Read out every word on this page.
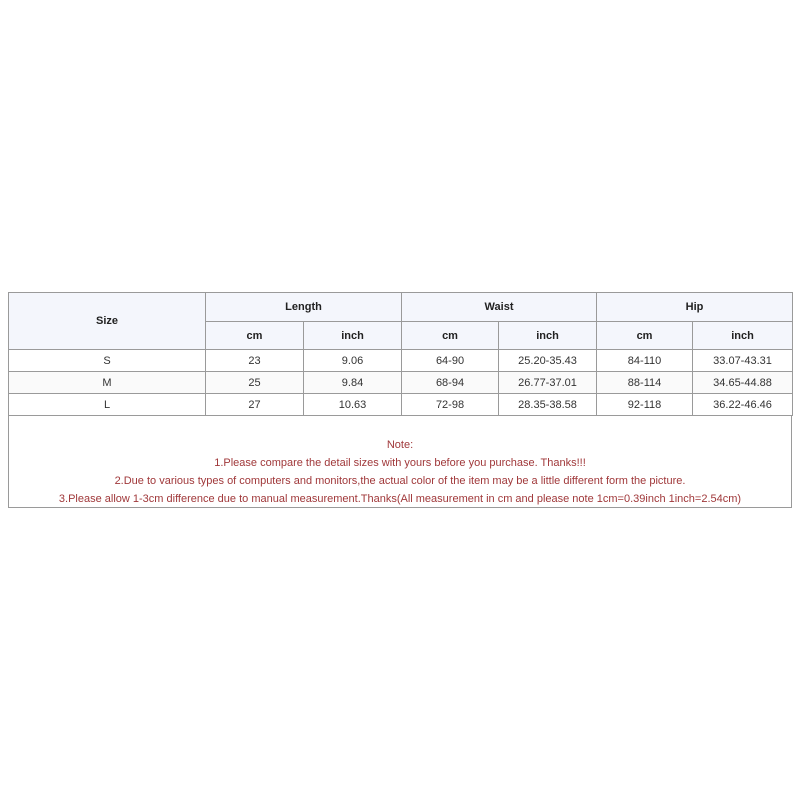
Size	Length		Waist		Hip	
	cm	inch	cm	inch	cm	inch
S	23	9.06	64-90	25.20-35.43	84-110	33.07-43.31
M	25	9.84	68-94	26.77-37.01	88-114	34.65-44.88
L	27	10.63	72-98	28.35-38.58	92-118	36.22-46.46
Note:
1.Please compare the detail sizes with yours before you purchase. Thanks!!!
2.Due to various types of computers and monitors,the actual color of the item may be a little different form the picture.
3.Please allow 1-3cm difference due to manual measurement.Thanks(All measurement in cm and please note 1cm=0.39inch 1inch=2.54cm)
